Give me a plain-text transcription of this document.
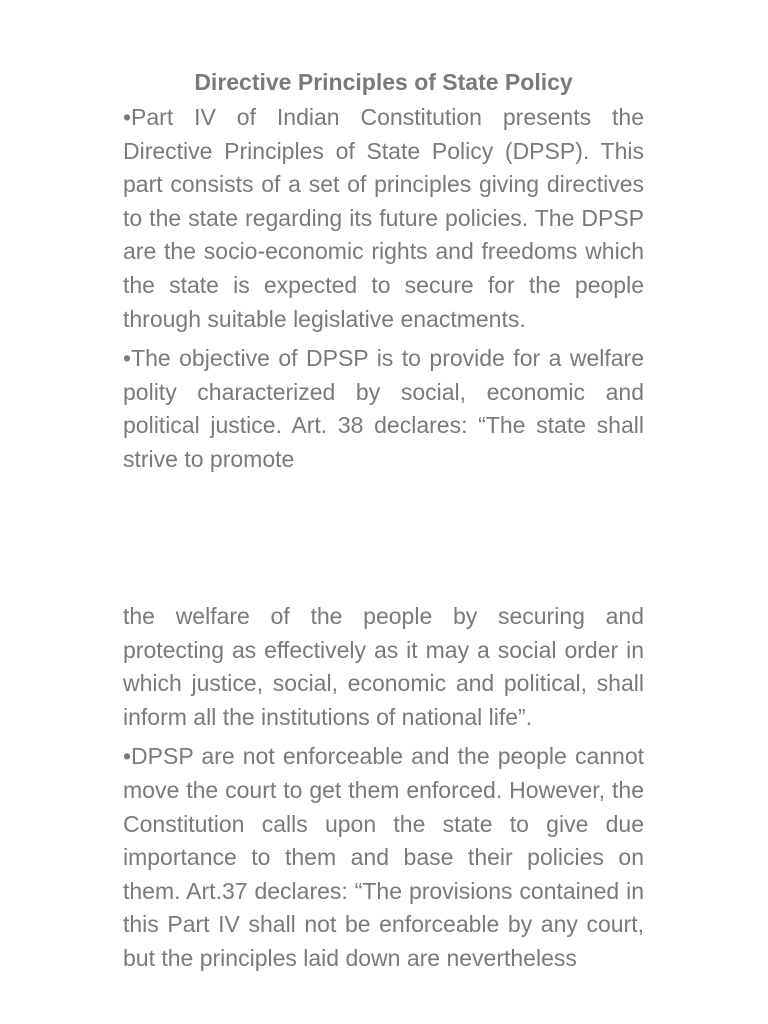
Directive Principles of State Policy

•Part IV of Indian Constitution presents the Directive Principles of State Policy (DPSP). This part consists of a set of principles giving directives to the state regarding its future policies. The DPSP are the socio-economic rights and freedoms which the state is expected to secure for the people through suitable legislative enactments.

•The objective of DPSP is to provide for a welfare polity characterized by social, economic and political justice. Art. 38 declares: “The state shall strive to promote

the welfare of the people by securing and protecting as effectively as it may a social order in which justice, social, economic and political, shall inform all the institutions of national life”.

•DPSP are not enforceable and the people cannot move the court to get them enforced. However, the Constitution calls upon the state to give due importance to them and base their policies on them. Art.37 declares: “The provisions contained in this Part IV shall not be enforceable by any court, but the principles laid down are nevertheless
